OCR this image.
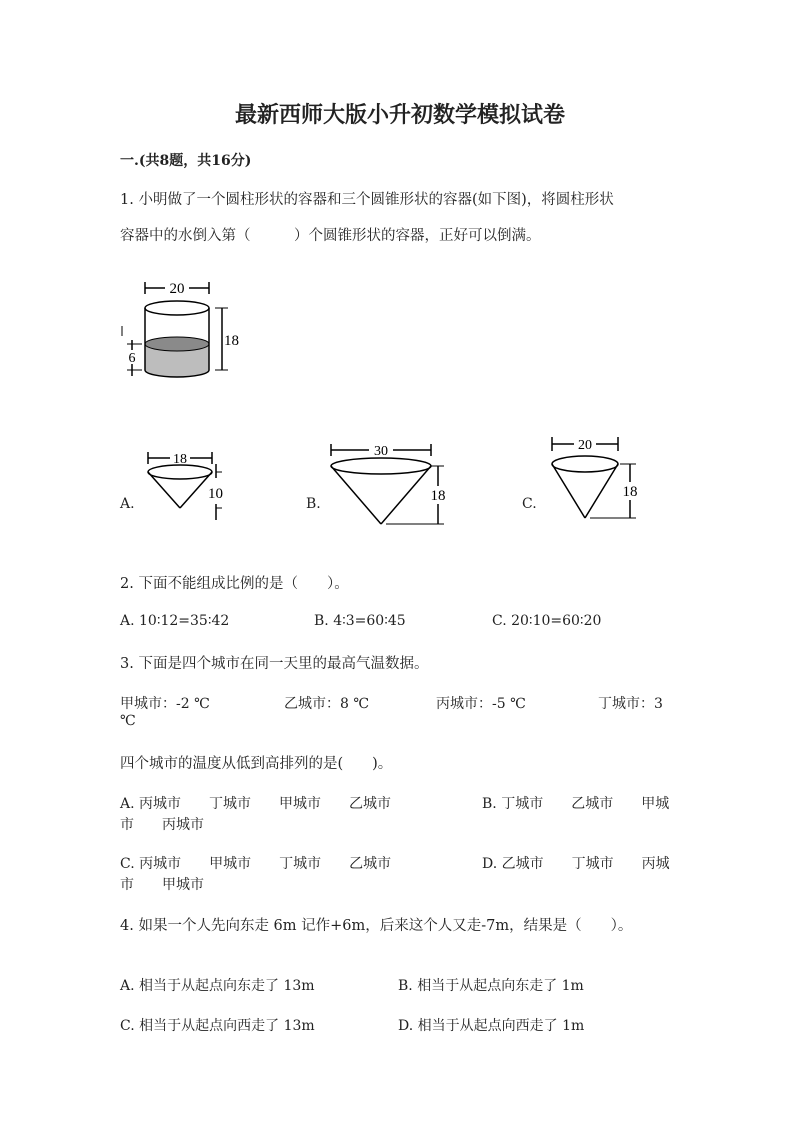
最新西师大版小升初数学模拟试卷
一.(共8题，共16分)
1. 小明做了一个圆柱形状的容器和三个圆锥形状的容器(如下图)，将圆柱形状
容器中的水倒入第（　　　）个圆锥形状的容器，正好可以倒满。
20
18
6
A.
18
10
B.
30
18	C.
20
18
2. 下面不能组成比例的是（　　）。
A. 10∶12=35∶42	B. 4∶3=60∶45	C. 20∶10=60∶20
3. 下面是四个城市在同一天里的最高气温数据。
甲城市：-2 ℃	乙城市：8 ℃	丙城市：-5 ℃	丁城市：3
℃
四个城市的温度从低到高排列的是(　　)。
A. 丙城市　　丁城市　　甲城市　　乙城市	B. 丁城市　　乙城市　　甲城
市　　丙城市
C. 丙城市　　甲城市　　丁城市　　乙城市	D. 乙城市　　丁城市　　丙城
市　　甲城市
4. 如果一个人先向东走 6m 记作+6m，后来这个人又走-7m，结果是（　　）。
A. 相当于从起点向东走了 13m	B. 相当于从起点向东走了 1m
C. 相当于从起点向西走了 13m	D. 相当于从起点向西走了 1m
